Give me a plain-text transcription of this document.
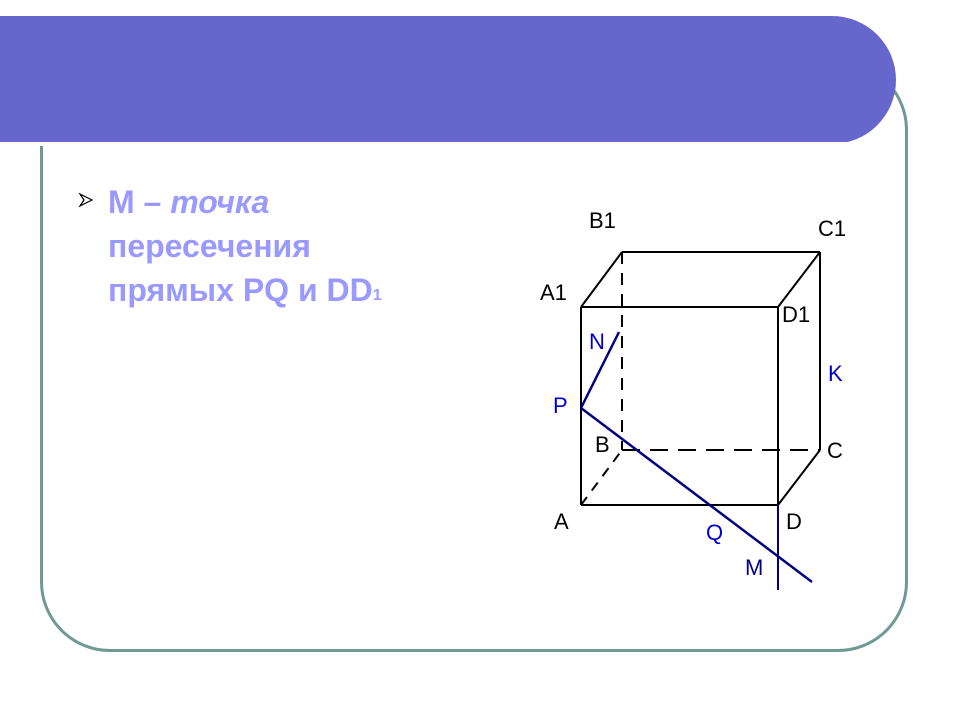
М – точка
пересечения
прямых PQ и $DD_1$
B1	C1
A1
D1
B	C
A	D
N
P
K
Q
M
